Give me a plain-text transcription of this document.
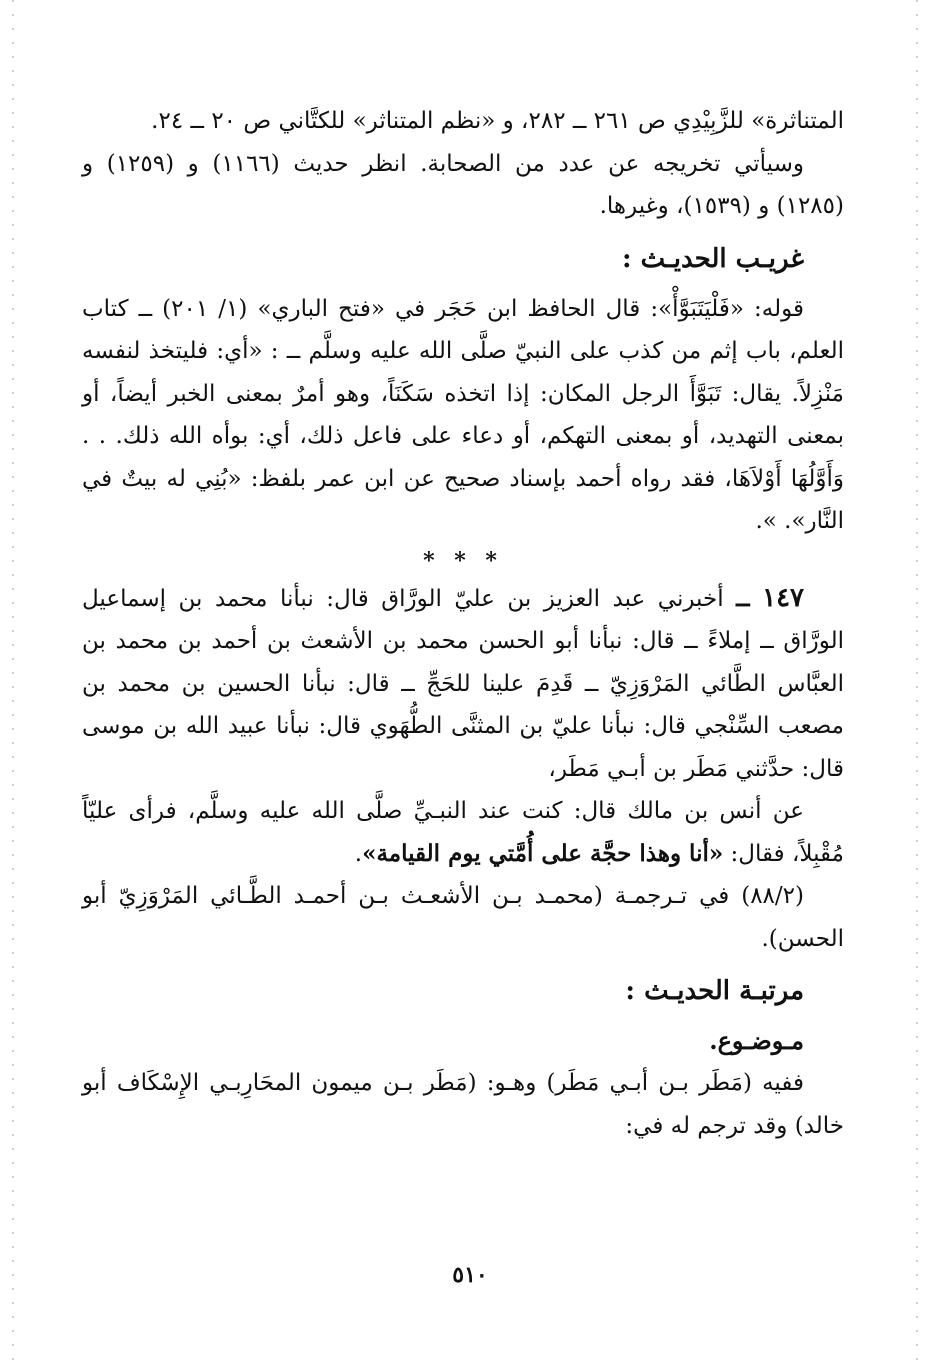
المتناثرة» للزَّبِيْدِي ص ٢٦١ ــ ٢٨٢، و «نظم المتناثر» للكتَّاني ص ٢٠ ــ ٢٤.

وسيأتي تخريجه عن عدد من الصحابة. انظر حديث (١١٦٦) و (١٢٥٩) و (١٢٨٥) و (١٥٣٩)، وغيرها.

غريـب الحديـث :

قوله: «فَلْيَتَبَوَّأْ»: قال الحافظ ابن حَجَر في «فتح الباري» (١/ ٢٠١) ــ كتاب العلم، باب إثم من كذب على النبيّ صلَّى الله عليه وسلَّم ــ : «أي: فليتخذ لنفسه مَنْزِلاً. يقال: تَبَوَّأَ الرجل المكان: إذا اتخذه سَكَنَاً، وهو أمرٌ بمعنى الخبر أيضاً، أو بمعنى التهديد، أو بمعنى التهكم، أو دعاء على فاعل ذلك، أي: بوأه الله ذلك. . . وَأَوَّلُهَا أَوْلاَهَا، فقد رواه أحمد بإسناد صحيح عن ابن عمر بلفظ: «بُنِي له بيتٌ في النَّار». ».

* * *

١٤٧ ــ أخبرني عبد العزيز بن عليّ الورَّاق قال: نبأنا محمد بن إسماعيل الورَّاق ــ إملاءً ــ قال: نبأنا أبو الحسن محمد بن الأشعث بن أحمد بن محمد بن العبَّاس الطَّائي المَرْوَزِيّ ــ قَدِمَ علينا للحَجِّ ــ قال: نبأنا الحسين بن محمد بن مصعب السِّنْجي قال: نبأنا عليّ بن المثنَّى الطُّهَوي قال: نبأنا عبيد الله بن موسى قال: حدَّثني مَطَر بن أبـي مَطَر،

عن أنس بن مالك قال: كنت عند النبـيِّ صلَّى الله عليه وسلَّم، فرأى عليّاً مُقْبِلاً، فقال: «أنا وهذا حجَّة على أُمَّتي يوم القيامة».

(٨٨/٢) في تـرجمـة (محمـد بـن الأشعـث بـن أحمـد الطَّـائي المَرْوَزِيّ أبو الحسن).

مرتبـة الحديـث :

مـوضـوع.

ففيه (مَطَر بـن أبـي مَطَر) وهـو: (مَطَر بـن ميمون المحَارِبـي الإِسْكَاف أبو خالد) وقد ترجم له في:

٥١٠
